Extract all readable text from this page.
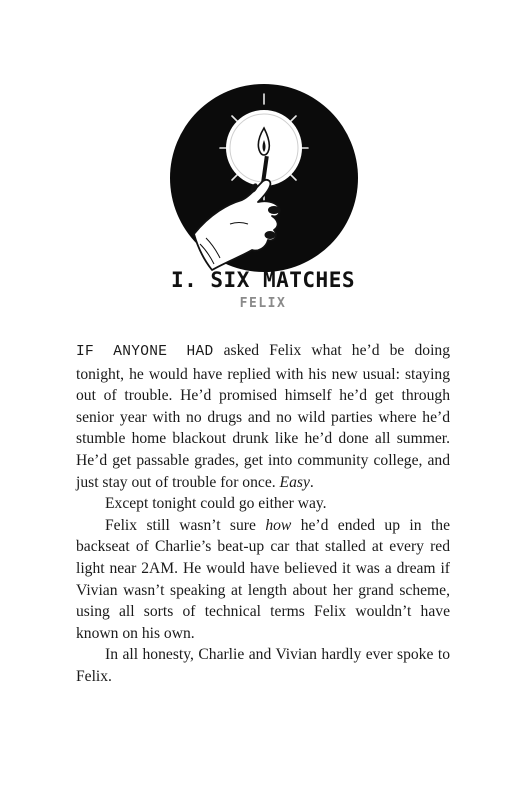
I. SIX MATCHES
FELIX

IF ANYONE HAD asked Felix what he’d be doing tonight, he would have replied with his new usual: staying out of trouble. He’d promised himself he’d get through senior year with no drugs and no wild parties where he’d stumble home blackout drunk like he’d done all summer. He’d get passable grades, get into community college, and just stay out of trouble for once. Easy.

Except tonight could go either way.

Felix still wasn’t sure how he’d ended up in the backseat of Charlie’s beat-up car that stalled at every red light near 2AM. He would have believed it was a dream if Vivian wasn’t speaking at length about her grand scheme, using all sorts of technical terms Felix wouldn’t have known on his own.

In all honesty, Charlie and Vivian hardly ever spoke to Felix.
